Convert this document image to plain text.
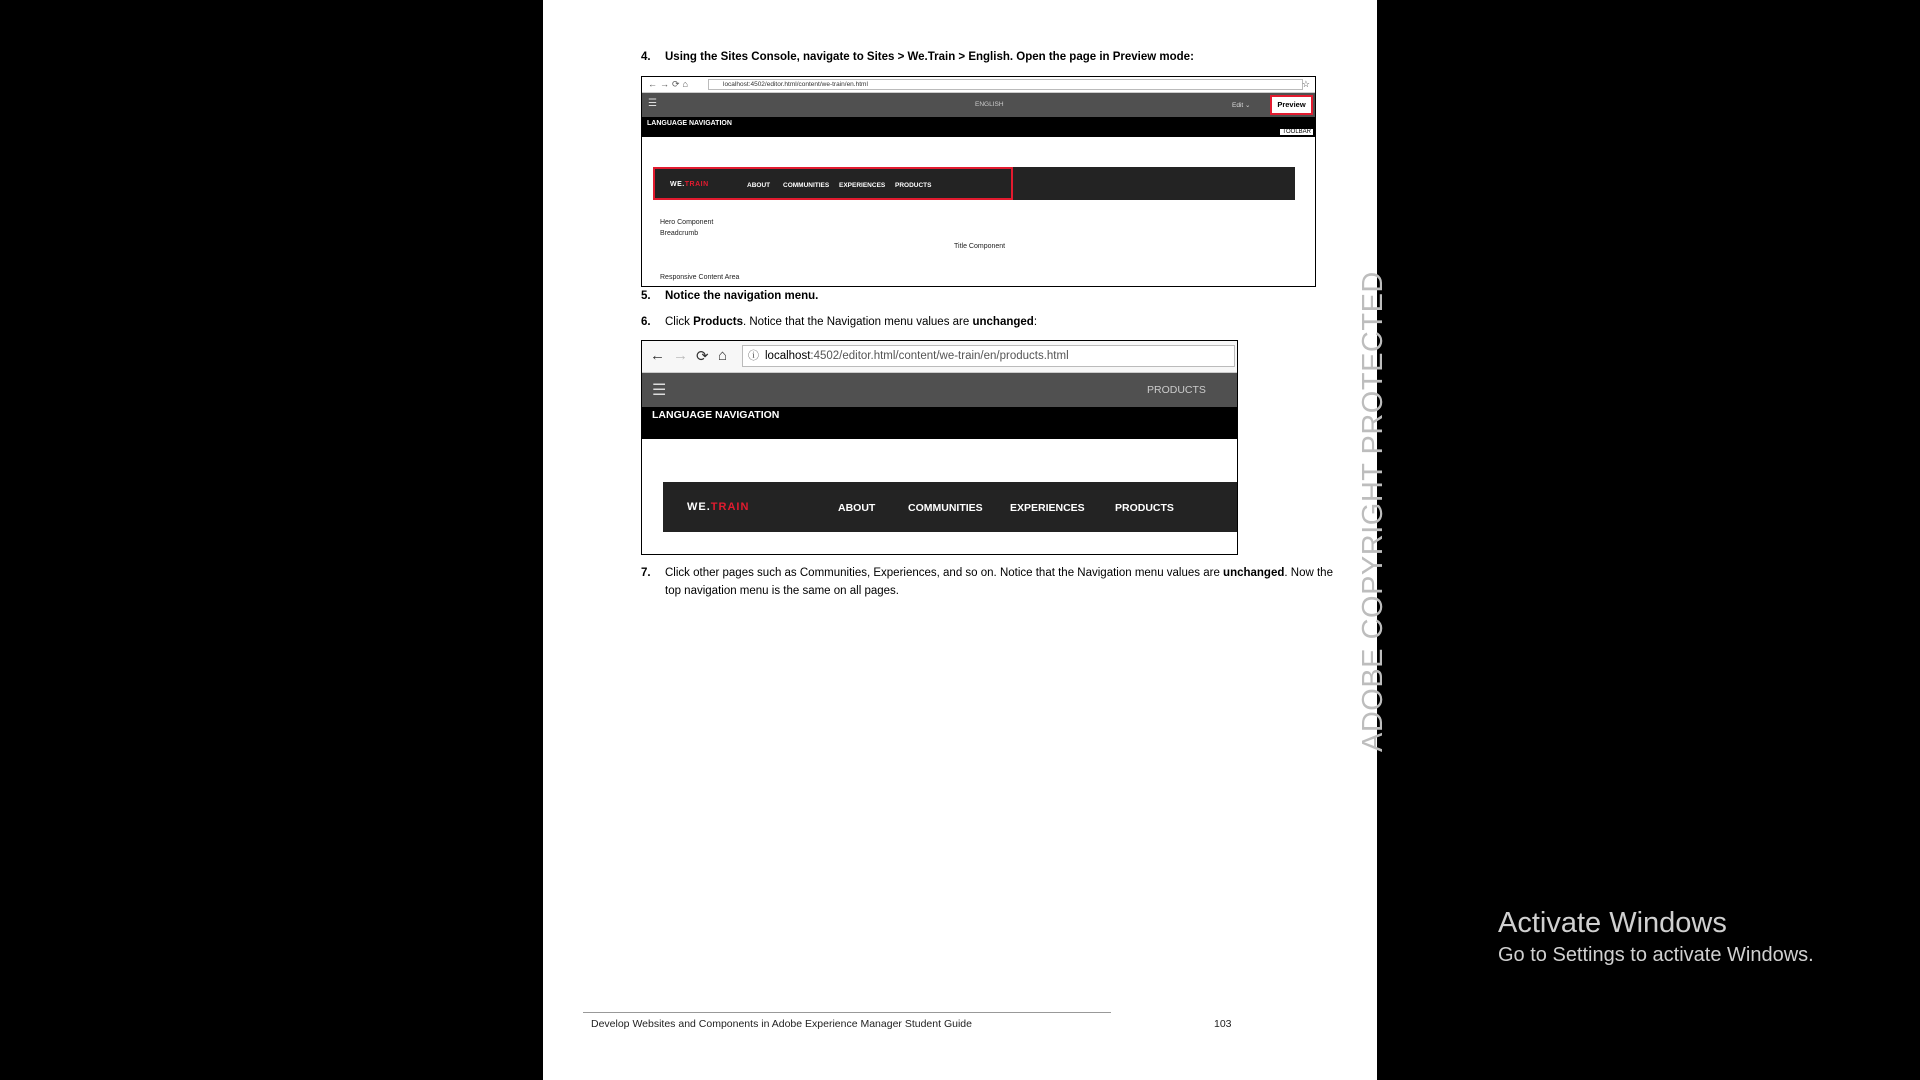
4. Using the Sites Console, navigate to Sites > We.Train > English. Open the page in Preview mode:
←→⟳⌂	localhost:4502/editor.html/content/we-train/en.html	☆
☰	ENGLISH	Edit ⌄	Preview
LANGUAGE NAVIGATION
TOOLBAR
WE.TRAIN	ABOUT COMMUNITIES EXPERIENCES PRODUCTS
Hero Component
Breadcrumb
Title Component
Responsive Content Area
5. Notice the navigation menu.
6. Click Products. Notice that the Navigation menu values are unchanged:
← → ⟳ ⌂ ⓘ localhost:4502/editor.html/content/we-train/en/products.html
☰	PRODUCTS
LANGUAGE NAVIGATION
WE.TRAIN	ABOUT	COMMUNITIES	EXPERIENCES	PRODUCTS
7. Click other pages such as Communities, Experiences, and so on. Notice that the Navigation menu values are unchanged. Now the top navigation menu is the same on all pages.
Develop Websites and Components in Adobe Experience Manager Student Guide	103
ADOBE COPYRIGHT PROTECTED
Activate Windows
Go to Settings to activate Windows.
